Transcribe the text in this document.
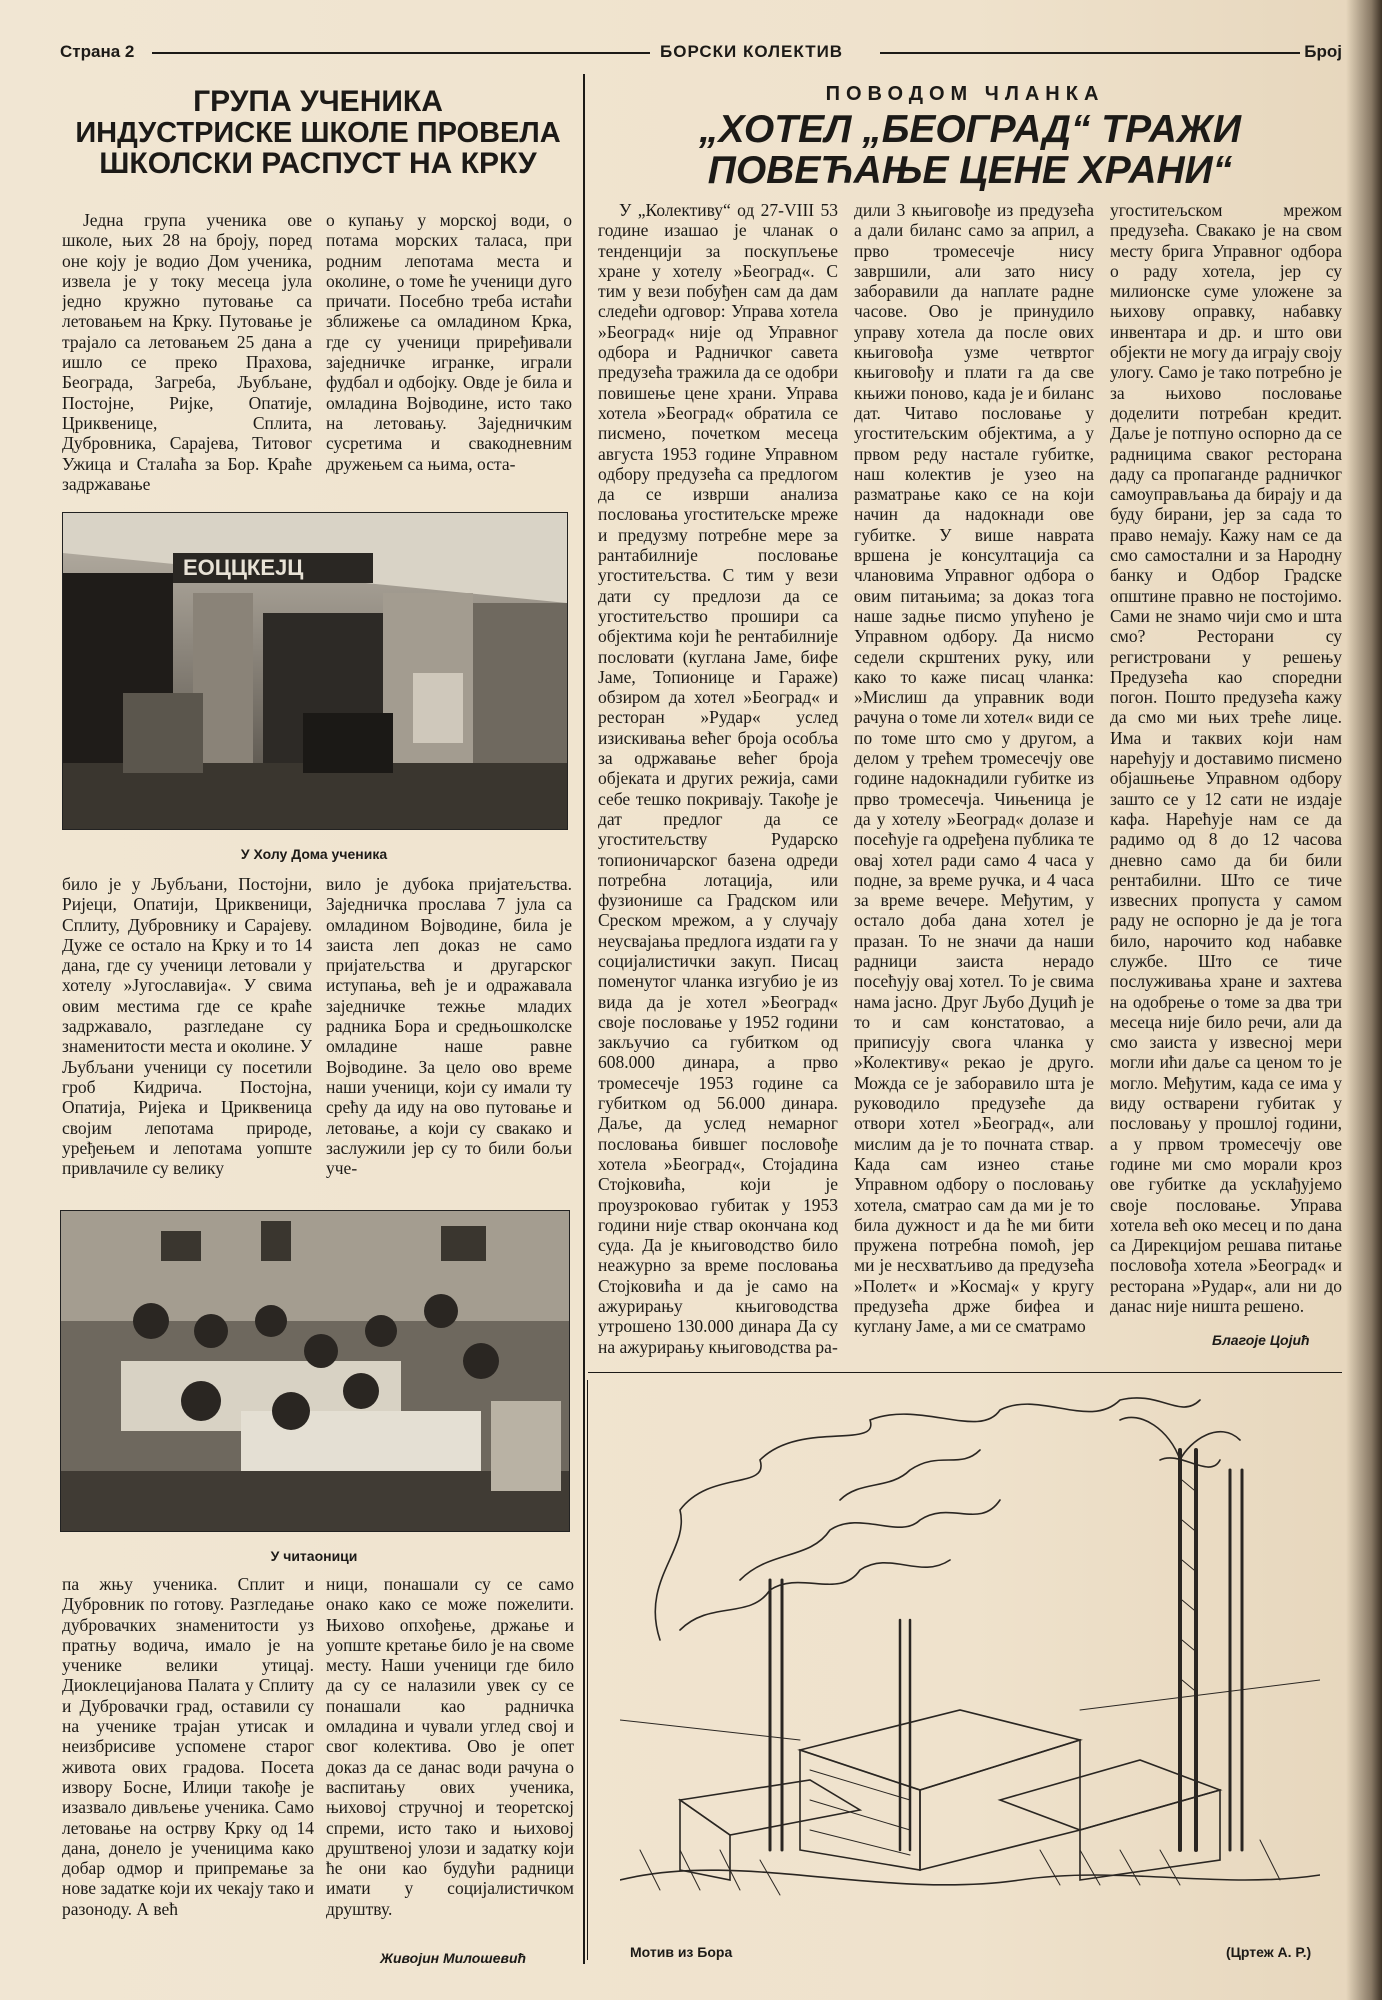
Страна 2	БОРСКИ КОЛЕКТИВ	Број
ГРУПА УЧЕНИКА
ИНДУСТРИСКЕ ШКОЛЕ ПРОВЕЛА
ШКОЛСКИ РАСПУСТ НА КРКУ

Једна група ученика ове школе, њих 28 на броју, поред оне коју је водио Дом ученика, извела је у току месеца јула једно кружно путовање са летовањем на Крку. Путовање је трајало са летовањем 25 дана а ишло се преко Прахова, Београда, Загреба, Љубљане, Постојне, Ријке, Опатије, Цриквенице, Сплита, Дубровника, Сарајева, Титовог Ужица и Сталаћа за Бор. Краће задржавање

о купању у морској води, о потама морских таласа, при родним лепотама места и околине, о томе ће ученици дуго причати. Посебно треба истаћи зближење са омладином Крка, где су ученици приређивали заједничке игранке, играли фудбал и одбојку. Овде је била и омладина Војводине, исто тако на летовању. Заједничким сусретима и свакодневним дружењем са њима, оста-

ЕОЦЦКЕЈЦ
У Холу Дома ученика

било је у Љубљани, Постојни, Ријеци, Опатији, Цриквеници, Сплиту, Дубровнику и Сарајеву. Дуже се остало на Крку и то 14 дана, где су ученици летовали у хотелу »Југославија«. У свима овим местима где се краће задржавало, разгледане су знаменитости места и околине. У Љубљани ученици су посетили гроб Кидрича. Постојна, Опатија, Ријека и Цриквеница својим лепотама природе, уређењем и лепотама уопште привлачиле су велику

вило је дубока пријатељства. Заједничка прослава 7 јула са омладином Војводине, била је заиста леп доказ не само пријатељства и другарског иступања, већ је и одражавала заједничке тежње младих радника Бора и средњошколске омладине наше равне Војводине. За цело ово време наши ученици, који су имали ту срећу да иду на ово путовање и летовање, а који су свакако и заслужили јер су то били бољи уче-

У читаоници

па жњу ученика. Сплит и Дубровник по готову. Разгледање дубровачких знаменитости уз пратњу водича, имало је на ученике велики утицај. Диоклецијанова Палата у Сплиту и Дубровачки град, оставили су на ученике трајан утисак и неизбрисиве успомене старог живота ових градова. Посета извору Босне, Илиџи такође је изазвало дивљење ученика. Само летовање на острву Крку од 14 дана, донело је ученицима како добар одмор и припремање за нове задатке који их чекају тако и разоноду. А већ

ници, понашали су се само онако како се може пожелити. Њихово опхођење, држање и уопште кретање било је на своме месту. Наши ученици где било да су се налазили увек су се понашали као радничка омладина и чували углед свој и свог колектива. Ово је опет доказ да се данас води рачуна о васпитању ових ученика, њиховој стручној и теоретској спреми, исто тако и њиховој друштвеној улози и задатку који ће они као будући радници имати у социјалистичком друштву.

Живојин Милошевић
ПОВОДОМ ЧЛАНКА
„ХОТЕЛ „БЕОГРАД“ ТРАЖИ
ПОВЕЋАЊЕ ЦЕНЕ ХРАНИ“

У „Колективу“ од 27-VIII 53 године изашао је чланак о тенденцији за поскупљење хране у хотелу »Београд«. С тим у вези побуђен сам да дам следећи одговор: Управа хотела »Београд« није од Управног одбора и Радничког савета предузећа тражила да се одобри повишење цене храни. Управа хотела »Београд« обратила се писмено, почетком месеца августа 1953 године Управном одбору предузећа са предлогом да се изврши анализа пословања угоститељске мреже и предузму потребне мере за рантабилније пословање угоститељства. С тим у вези дати су предлози да се угоститељство прошири са објектима који ће рентабилније пословати (куглана Јаме, бифе Јаме, Топионице и Гараже) обзиром да хотел »Београд« и ресторан »Рудар« услед изискивања већег броја особља за одржавање већег броја објеката и других режија, сами себе тешко покривају. Такође је дат предлог да се угоститељству Рударско топионичарског базена одреди потребна лотација, или фузионише са Градском или Среском мрежом, а у случају неусвајања предлога издати га у социјалистички закуп. Писац поменутог чланка изгубио је из вида да је хотел »Београд« своје пословање у 1952 години закључио са губитком од 608.000 динара, а прво тромесечје 1953 године са губитком од 56.000 динара. Даље, да услед немарног пословања бившег пословође хотела »Београд«, Стојадина Стојковића, који је проузроковао губитак у 1953 години није ствар окончана код суда. Да је књиговодство било неажурно за време пословања Стојковића и да је само на ажурирању књиговодства утрошено 130.000 динара Да су на ажурирању књиговодства ра-

дили 3 књиговође из предузећа а дали биланс само за април, а прво тромесечје нису завршили, али зато нису заборавили да наплате радне часове. Ово је принудило управу хотела да после ових књиговођа узме четвртог књиговођу и плати га да све књижи поново, када је и биланс дат. Читаво пословање у угоститељским објектима, а у првом реду настале губитке, наш колектив је узео на разматрање како се на који начин да надокнади ове губитке. У више наврата вршена је консултација са члановима Управног одбора о овим питањима; за доказ тога наше задње писмо упућено је Управном одбору. Да нисмо седели скрштених руку, или како то каже писац чланка: »Мислиш да управник води рачуна о томе ли хотел« види се по томе што смо у другом, а делом у трећем тромесечју ове године надокнадили губитке из прво тромесечја. Чињеница је да у хотелу »Београд« долазе и посећује га одређена публика те овај хотел ради само 4 часа у подне, за време ручка, и 4 часа за време вечере. Међутим, у остало доба дана хотел је празан. То не значи да наши радници заиста нерадо посећују овај хотел. То је свима нама јасно. Друг Љубо Дуцић је то и сам констатовао, а приписују свога чланка у »Колективу« рекао је друго. Можда се је заборавило шта је руководило предузеће да отвори хотел »Београд«, али мислим да је то почната ствар. Када сам изнео стање Управном одбору о пословању хотела, сматрао сам да ми је то била дужност и да ће ми бити пружена потребна помоћ, јер ми је несхватљиво да предузећа »Полет« и »Космај« у кругу предузећа држе бифеа и куглану Јаме, а ми се сматрамо

угоститељском мрежом предузећа. Свакако је на свом месту брига Управног одбора о раду хотела, јер су милионске суме уложене за њихову оправку, набавку инвентара и др. и што ови објекти не могу да играју своју улогу. Само је тако потребно је за њихово пословање доделити потребан кредит. Даље је потпуно оспорно да се радницима сваког ресторана даду са пропаганде радничког самоуправљања да бирају и да буду бирани, јер за сада то право немају. Кажу нам се да смо самостални и за Народну банку и Одбор Градске општине правно не постојимо. Сами не знамо чији смо и шта смо? Ресторани су регистровани у решењу Предузећа као споредни погон. Пошто предузећа кажу да смо ми њих треће лице. Има и таквих који нам нарећују и доставимо писмено објашњење Управном одбору зашто се у 12 сати не издаје кафа. Нарећује нам се да радимо од 8 до 12 часова дневно само да би били рентабилни. Што се тиче извесних пропуста у самом раду не оспорно је да је тога било, нарочито код набавке службе. Што се тиче послуживања хране и захтева на одобрење о томе за два три месеца није било речи, али да смо заиста у извесној мери могли ићи даље са ценом то је могло. Међутим, када се има у виду остварени губитак у пословању у прошлој години, а у првом тромесечју ове године ми смо морали кроз ове губитке да усклађујемо своје пословање. Управа хотела већ око месец и по дана са Дирекцијом решава питање пословођа хотела »Београд« и ресторана »Рудар«, али ни до данас није ништа решено.

Благоје Цојић
Мотив из Бора	(Цртеж А. Р.)
